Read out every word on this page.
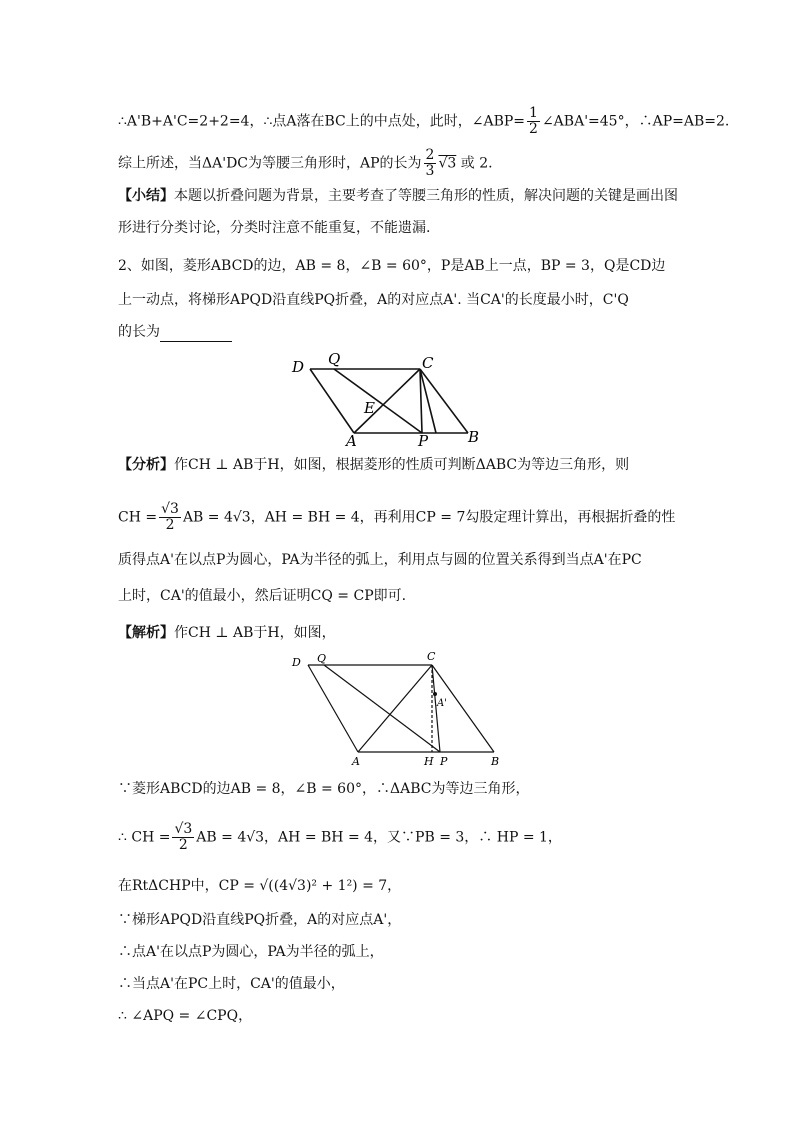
∴A'B+A'C=2+2=4，∴点A落在BC上的中点处，此时，∠ABP= $\frac{1}{2}$ ∠ABA'=45°，∴AP=AB=2.
综上所述，当ΔA'DC为等腰三角形时，AP的长为 $\frac{2}{3} √3$ 或 2.
【小结】本题以折叠问题为背景，主要考查了等腰三角形的性质，解决问题的关键是画出图
形进行分类讨论，分类时注意不能重复，不能遗漏.
2、如图，菱形ABCD的边，AB = 8，∠B = 60°，P是AB上一点，BP = 3，Q是CD边
上一动点，将梯形APQD沿直线PQ折叠，A的对应点A'. 当CA'的长度最小时，C'Q
的长为
D Q	C
E
A	P	B
【分析】作CH ⊥ AB于H，如图，根据菱形的性质可判断ΔABC为等边三角形，则
CH = $\frac{√3}{2}$ AB = 4√3，AH = BH = 4，再利用CP = 7勾股定理计算出，再根据折叠的性
质得点A'在以点P为圆心，PA为半径的弧上，利用点与圆的位置关系得到当点A'在PC
上时，CA'的值最小，然后证明CQ = CP即可.
【解析】作CH ⊥ AB于H，如图，
D Q	C
A'
A	H P	B
∵菱形ABCD的边AB = 8，∠B = 60°，∴ΔABC为等边三角形，
∴ CH = $\frac{√3}{2}$ AB = 4√3，AH = BH = 4，又∵PB = 3，∴ HP = 1，
在RtΔCHP中，CP = √((4√3)² + 1²) = 7，
∵梯形APQD沿直线PQ折叠，A的对应点A'，
∴点A'在以点P为圆心，PA为半径的弧上，
∴当点A'在PC上时，CA'的值最小，
∴ ∠APQ = ∠CPQ，
